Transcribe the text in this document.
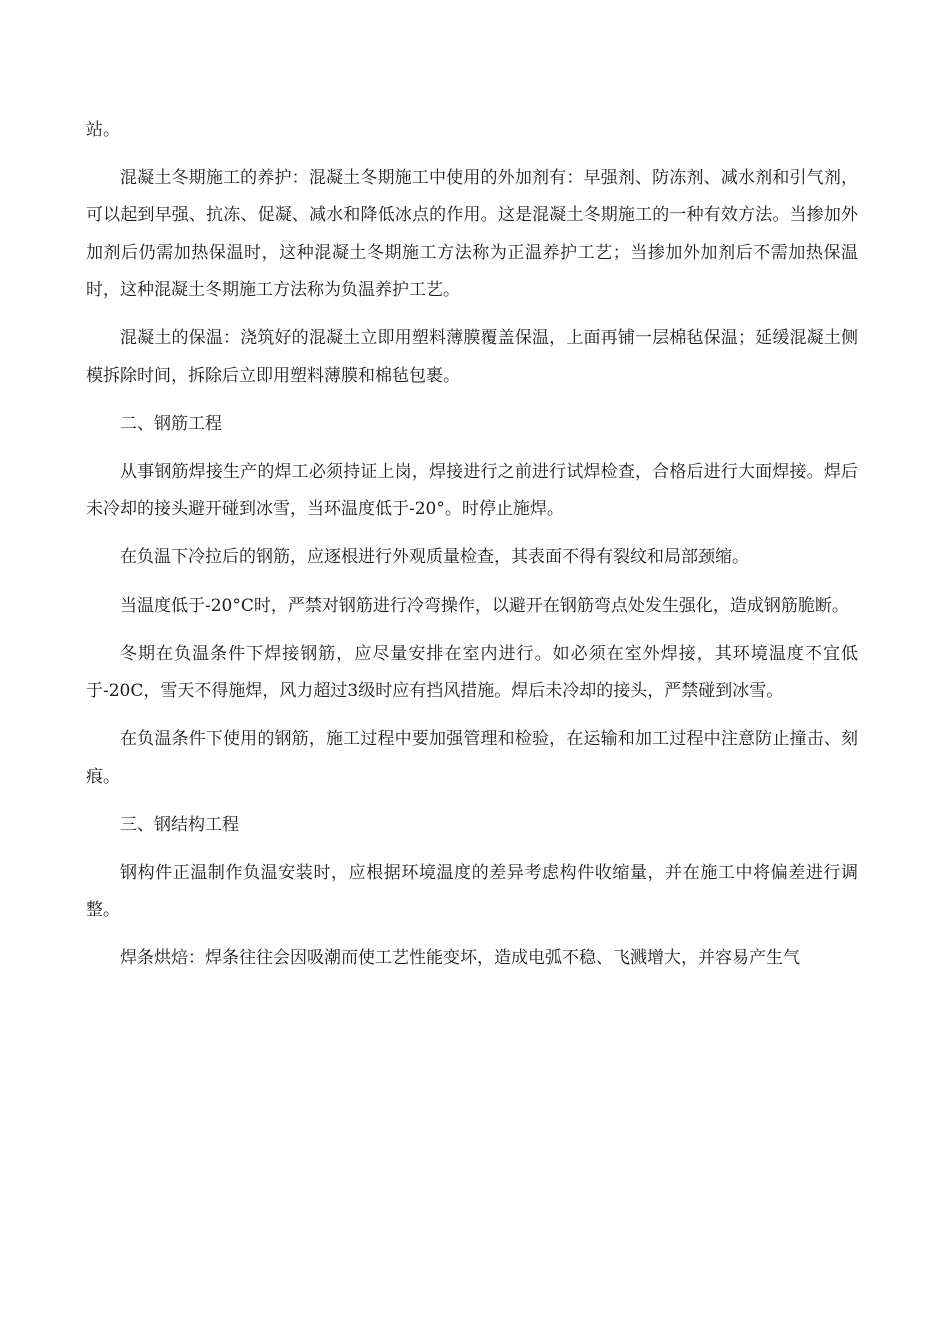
站。

混凝土冬期施工的养护：混凝土冬期施工中使用的外加剂有：早强剂、防冻剂、减水剂和引气剂，可以起到早强、抗冻、促凝、减水和降低冰点的作用。这是混凝土冬期施工的一种有效方法。当掺加外加剂后仍需加热保温时，这种混凝土冬期施工方法称为正温养护工艺；当掺加外加剂后不需加热保温时，这种混凝土冬期施工方法称为负温养护工艺。

混凝土的保温：浇筑好的混凝土立即用塑料薄膜覆盖保温，上面再铺一层棉毡保温；延缓混凝土侧模拆除时间，拆除后立即用塑料薄膜和棉毡包裹。

二、钢筋工程

从事钢筋焊接生产的焊工必须持证上岗，焊接进行之前进行试焊检查，合格后进行大面焊接。焊后未冷却的接头避开碰到冰雪，当环温度低于-20°。时停止施焊。

在负温下冷拉后的钢筋，应逐根进行外观质量检查，其表面不得有裂纹和局部颈缩。

当温度低于-20°C时，严禁对钢筋进行冷弯操作，以避开在钢筋弯点处发生强化，造成钢筋脆断。

冬期在负温条件下焊接钢筋，应尽量安排在室内进行。如必须在室外焊接，其环境温度不宜低于-20C，雪天不得施焊，风力超过3级时应有挡风措施。焊后未冷却的接头，严禁碰到冰雪。

在负温条件下使用的钢筋，施工过程中要加强管理和检验，在运输和加工过程中注意防止撞击、刻痕。

三、钢结构工程

钢构件正温制作负温安装时，应根据环境温度的差异考虑构件收缩量，并在施工中将偏差进行调整。

焊条烘焙：焊条往往会因吸潮而使工艺性能变坏，造成电弧不稳、飞溅增大，并容易产生气
